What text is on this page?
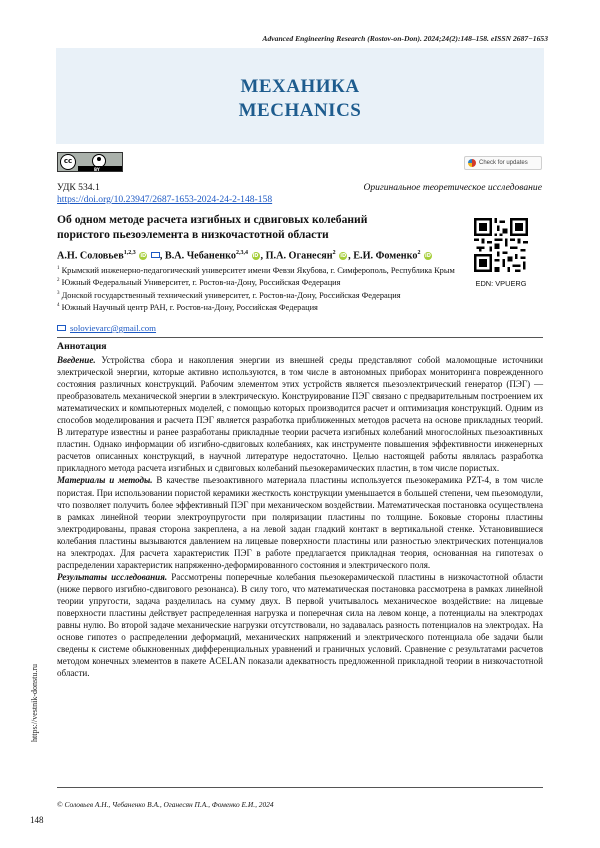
Advanced Engineering Research (Rostov-on-Don). 2024;24(2):148–158. eISSN 2687−1653
МЕХАНИКА
MECHANICS
cc
BY
Check for updates
УДК 534.1
https://doi.org/10.23947/2687-1653-2024-24-2-148-158
Оригинальное теоретическое исследование
Об одном методе расчета изгибных и сдвиговых колебаний пористого пьезоэлемента в низкочастотной области
EDN: VPUERG
А.Н. Соловьев$^{1,2,3}$ iD , В.А. Чебаненко$^{2,3,4}$ iD , П.А. Оганесян$^2$ iD , Е.И. Фоменко$^2$ iD

$^1$ Крымский инженерно-педагогический университет имени Февзи Якубова, г. Симферополь, Республика Крым

$^2$ Южный Федеральный Университет, г. Ростов-на-Дону, Российская Федерация

$^3$ Донской государственный технический университет, г. Ростов-на-Дону, Российская Федерация

$^4$ Южный Научный центр РАН, г. Ростов-на-Дону, Российская Федерация

solovievarc@gmail.com
Аннотация

Введение. Устройства сбора и накопления энергии из внешней среды представляют собой маломощные источники электрической энергии, которые активно используются, в том числе в автономных приборах мониторинга поврежденного состояния различных конструкций. Рабочим элементом этих устройств является пьезоэлектрический генератор (ПЭГ) — преобразователь механической энергии в электрическую. Конструирование ПЭГ связано с предварительным построением их математических и компьютерных моделей, с помощью которых производится расчет и оптимизация конструкций. Одним из способов моделирования и расчета ПЭГ является разработка приближенных методов расчета на основе прикладных теорий. В литературе известны и ранее разработаны прикладные теории расчета изгибных колебаний многослойных пьезоактивных пластин. Однако информации об изгибно-сдвиговых колебаниях, как инструменте повышения эффективности инженерных расчетов описанных конструкций, в научной литературе недостаточно. Целью настоящей работы являлась разработка прикладного метода расчета изгибных и сдвиговых колебаний пьезокерамических пластин, в том числе пористых.

Материалы и методы. В качестве пьезоактивного материала пластины используется пьезокерамика PZT-4, в том числе пористая. При использовании пористой керамики жесткость конструкции уменьшается в большей степени, чем пьезомодули, что позволяет получить более эффективный ПЭГ при механическом воздействии. Математическая постановка осуществлена в рамках линейной теории электроупругости при поляризации пластины по толщине. Боковые стороны пластины электродированы, правая сторона закреплена, а на левой задан гладкий контакт в вертикальной стенке. Установившиеся колебания пластины вызываются давлением на лицевые поверхности пластины или разностью электрических потенциалов на электродах. Для расчета характеристик ПЭГ в работе предлагается прикладная теория, основанная на гипотезах о распределении характеристик напряженно-деформированного состояния и электрического поля.

Результаты исследования. Рассмотрены поперечные колебания пьезокерамической пластины в низкочастотной области (ниже первого изгибно-сдвигового резонанса). В силу того, что математическая постановка рассмотрена в рамках линейной теории упругости, задача разделилась на сумму двух. В первой учитывалось механическое воздействие: на лицевые поверхности пластины действует распределенная нагрузка и поперечная сила на левом конце, а потенциалы на электродах равны нулю. Во второй задаче механические нагрузки отсутствовали, но задавалась разность потенциалов на электродах. На основе гипотез о распределении деформаций, механических напряжений и электрического потенциала обе задачи были сведены к системе обыкновенных дифференциальных уравнений и граничных условий. Сравнение с результатами расчетов методом конечных элементов в пакете ACELAN показали адекватность предложенной прикладной теории в низкочастотной области.

https://vestnik-donstu.ru
© Соловьев А.Н., Чебаненко В.А., Оганесян П.А., Фоменко Е.И., 2024
148
